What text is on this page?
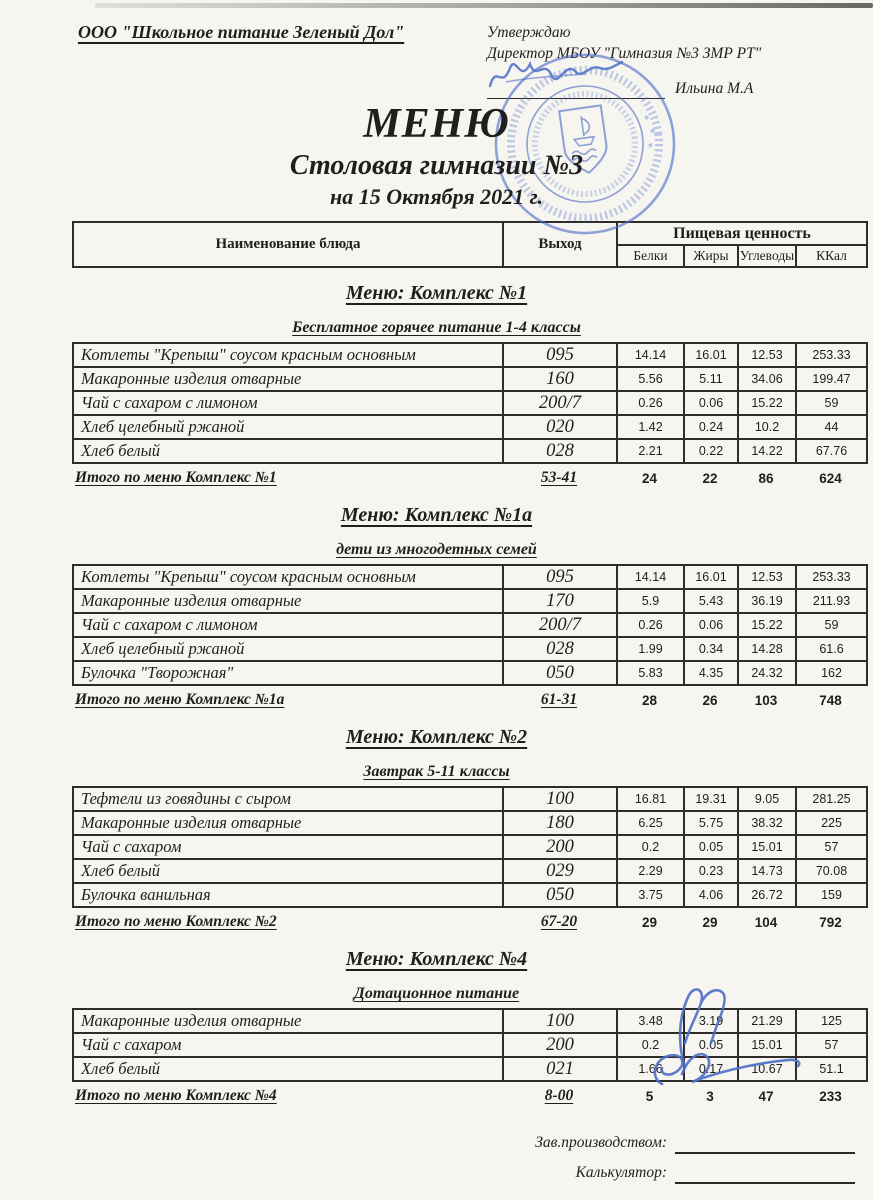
ООО "Школьное питание Зеленый Дол"	Утверждаю
Директор МБОУ "Гимназия №3 ЗМР РТ"
Ильина М.А
*
*
*
МЕНЮ
Столовая гимназии №3
на 15 Октября 2021 г.
Наименование блюда	Выход	Пищевая ценность			
		Белки	Жиры	Углеводы	ККал
Меню: Комплекс №1
Бесплатное горячее питание 1-4 классы
Котлеты "Крепыш" соусом красным основным	095	14.14	16.01	12.53	253.33
Макаронные изделия отварные	160	5.56	5.11	34.06	199.47
Чай с сахаром с лимоном	200/7	0.26	0.06	15.22	59
Хлеб целебный ржаной	020	1.42	0.24	10.2	44
Хлеб белый	028	2.21	0.22	14.22	67.76
Итого по меню Комплекс №1	53-41	24	22	86	624
Меню: Комплекс №1а
дети из многодетных семей
Котлеты "Крепыш" соусом красным основным	095	14.14	16.01	12.53	253.33
Макаронные изделия отварные	170	5.9	5.43	36.19	211.93
Чай с сахаром с лимоном	200/7	0.26	0.06	15.22	59
Хлеб целебный ржаной	028	1.99	0.34	14.28	61.6
Булочка "Творожная"	050	5.83	4.35	24.32	162
Итого по меню Комплекс №1а	61-31	28	26	103	748
Меню: Комплекс №2
Завтрак 5-11 классы
Тефтели из говядины с сыром	100	16.81	19.31	9.05	281.25
Макаронные изделия отварные	180	6.25	5.75	38.32	225
Чай с сахаром	200	0.2	0.05	15.01	57
Хлеб белый	029	2.29	0.23	14.73	70.08
Булочка ванильная	050	3.75	4.06	26.72	159
Итого по меню Комплекс №2	67-20	29	29	104	792
Меню: Комплекс №4
Дотационное питание
Макаронные изделия отварные	100	3.48	3.19	21.29	125
Чай с сахаром	200	0.2	0.05	15.01	57
Хлеб белый	021	1.66	0.17	10.67	51.1
Итого по меню Комплекс №4	8-00	5	3	47	233
Зав.производством:
Калькулятор:
